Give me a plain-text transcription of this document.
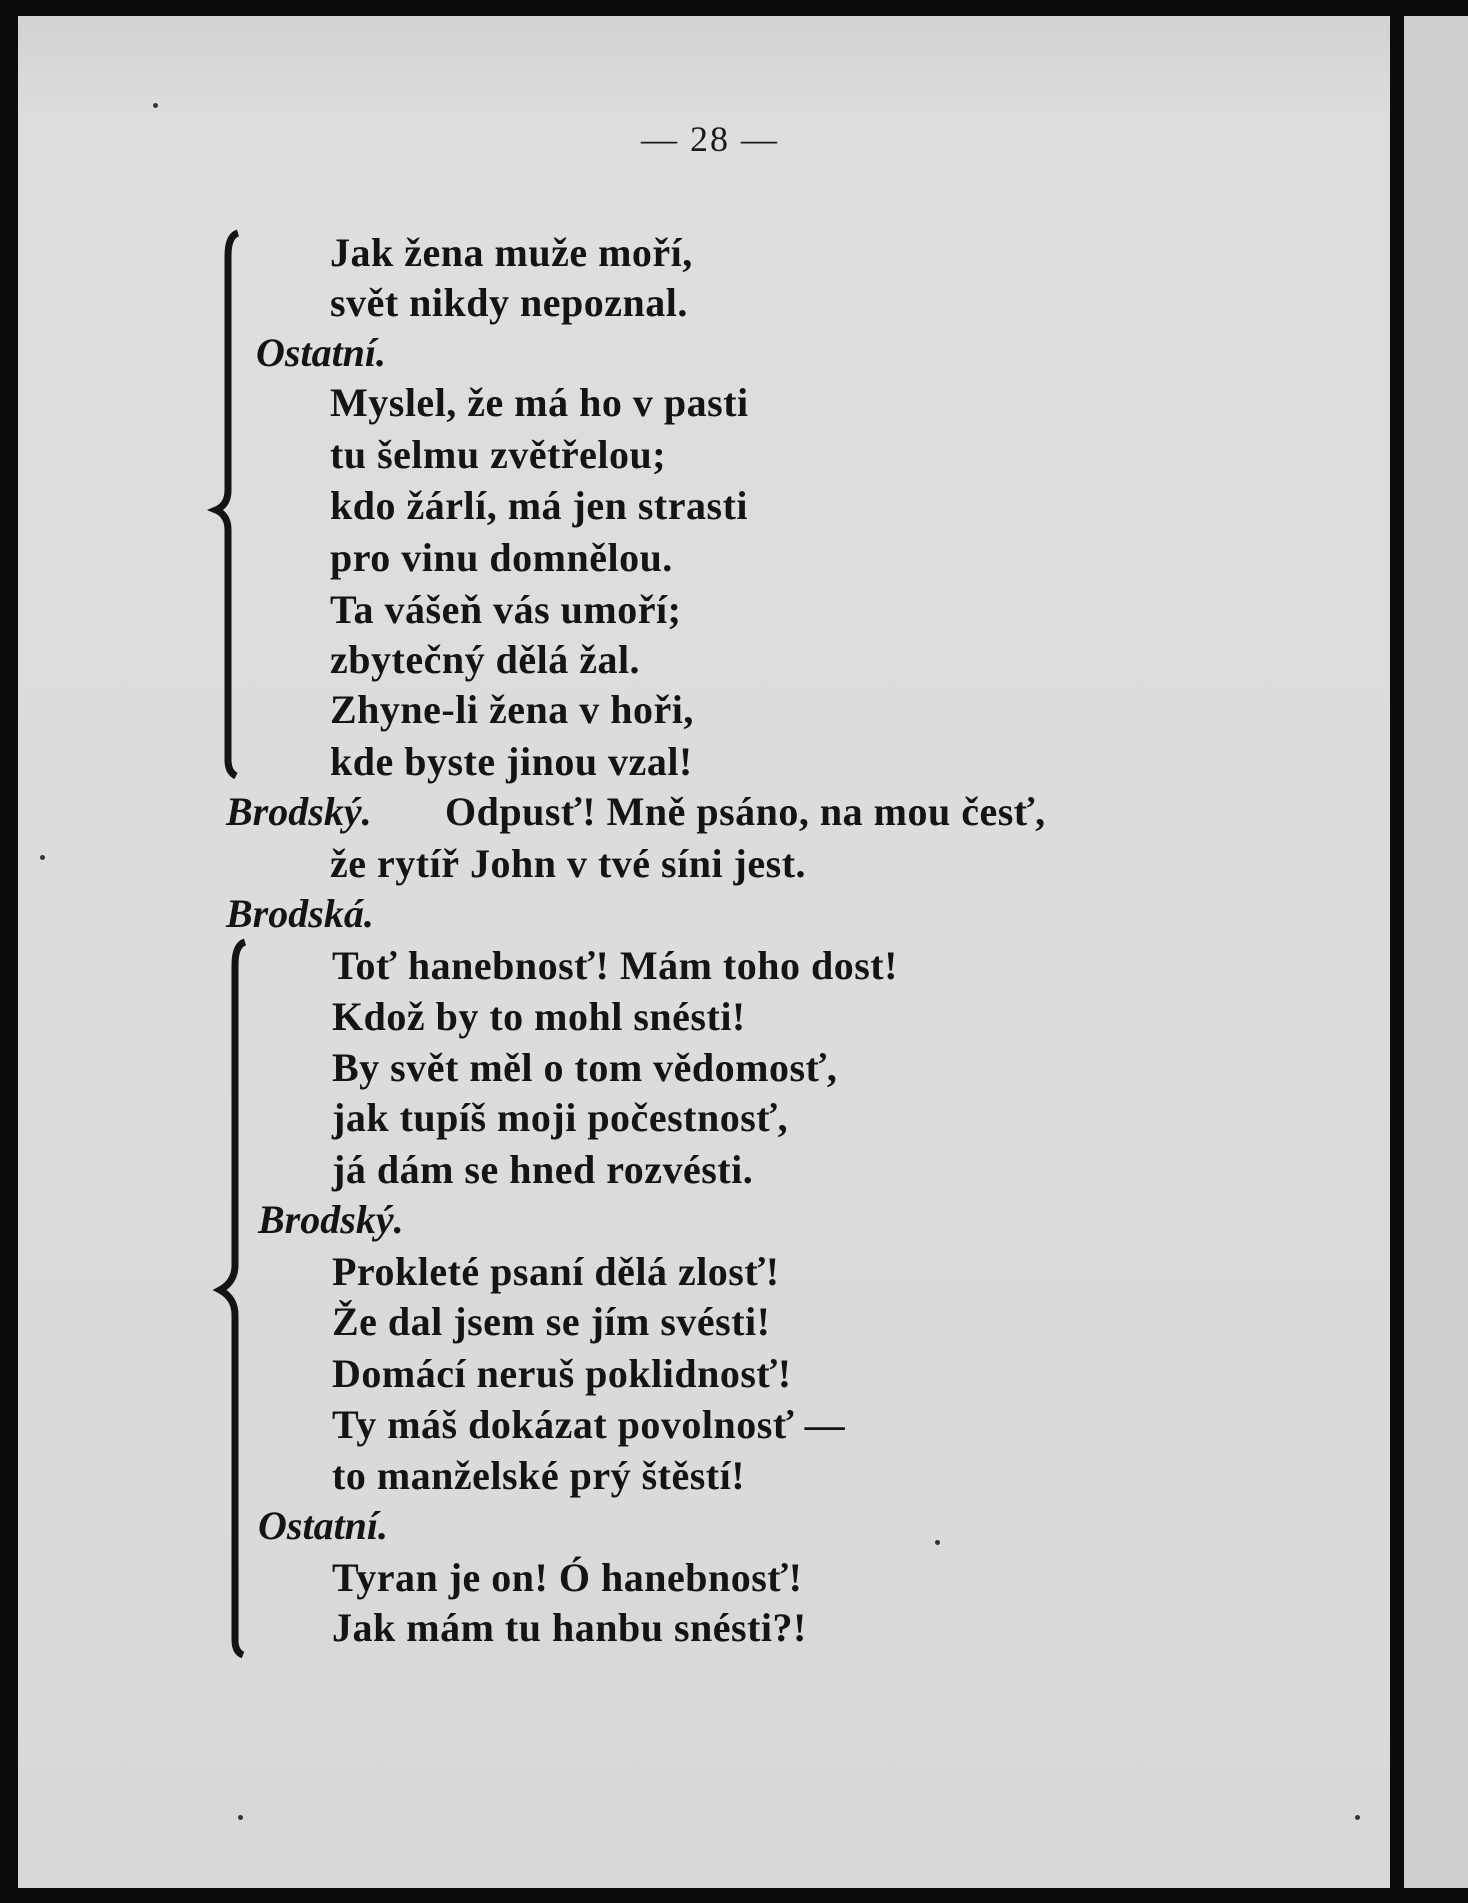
— 28 —
Jak žena muže moří,
svět nikdy nepoznal.
Ostatní.
Myslel, že má ho v pasti
tu šelmu zvětřelou;
kdo žárlí, má jen strasti
pro vinu domnělou.
Ta vášeň vás umoří;
zbytečný dělá žal.
Zhyne-li žena v hoři,
kde byste jinou vzal!
Brodský. Odpusť! Mně psáno, na mou česť,
že rytíř John v tvé síni jest.
Brodská.
Toť hanebnosť! Mám toho dost!
Kdož by to mohl snésti!
By svět měl o tom vědomosť,
jak tupíš moji počestnosť,
já dám se hned rozvésti.
Brodský.
Prokleté psaní dělá zlosť!
Že dal jsem se jím svésti!
Domácí neruš poklidnosť!
Ty máš dokázat povolnosť —
to manželské prý štěstí!
Ostatní.
Tyran je on! Ó hanebnosť!
Jak mám tu hanbu snésti?!
